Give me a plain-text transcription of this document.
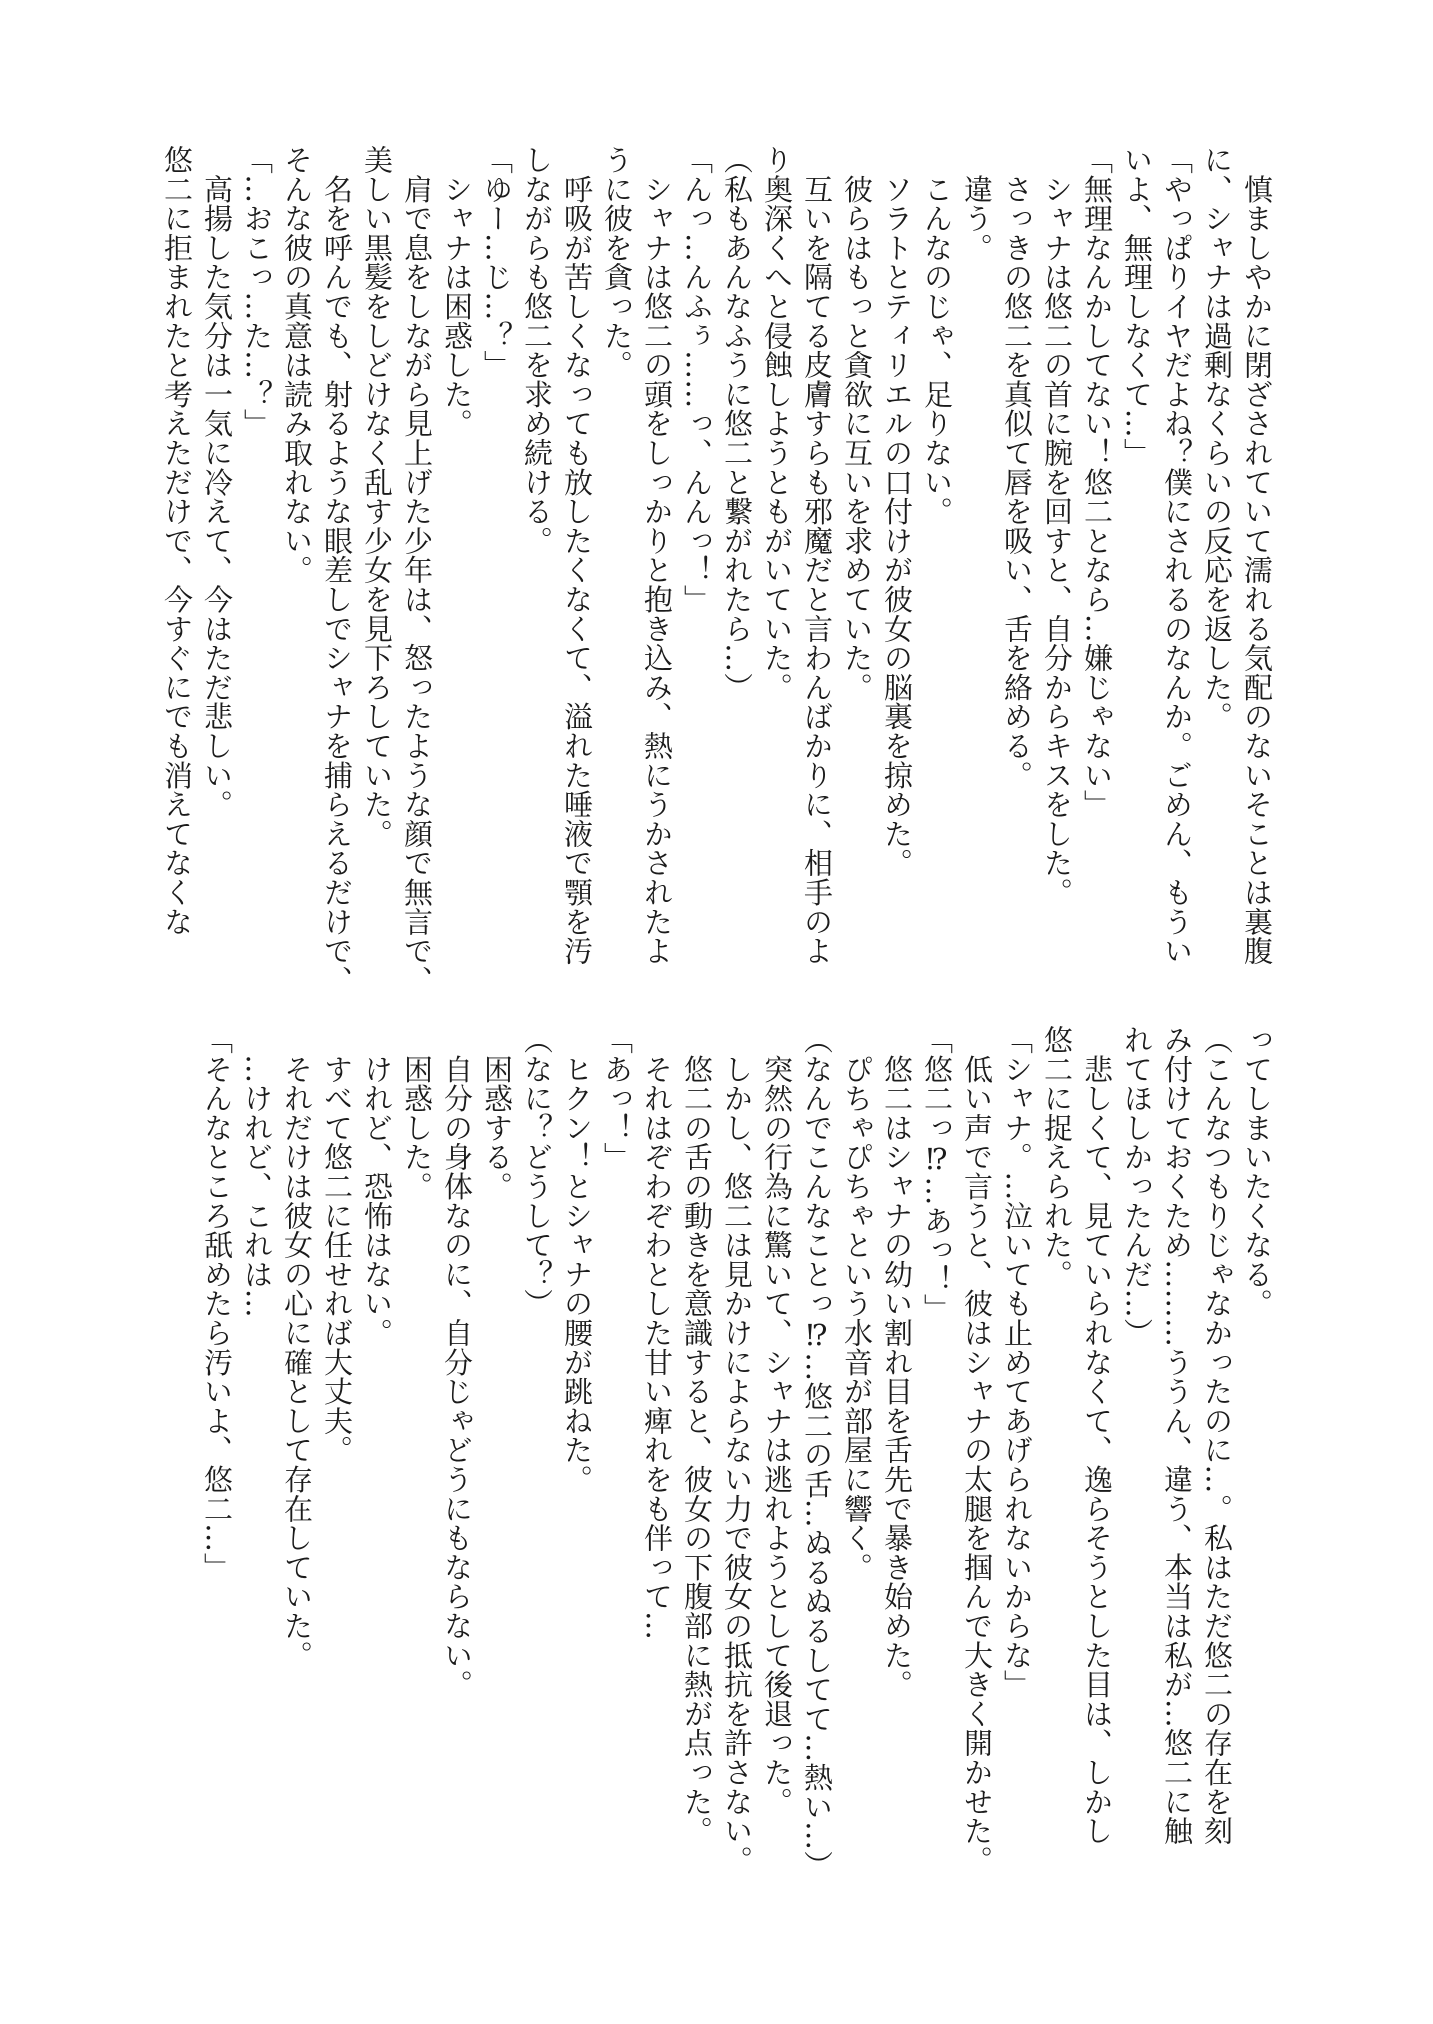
　慎ましやかに閉ざされていて濡れる気配のないそことは裏腹
に、シャナは過剰なくらいの反応を返した。
「やっぱりイヤだよね？僕にされるのなんか。ごめん、もうい
いよ、無理しなくて…」
「無理なんかしてない！悠二となら…嫌じゃない」
　シャナは悠二の首に腕を回すと、自分からキスをした。
　さっきの悠二を真似て唇を吸い、舌を絡める。
　違う。
　こんなのじゃ、足りない。
　ソラトとティリエルの口付けが彼女の脳裏を掠めた。
　彼らはもっと貪欲に互いを求めていた。
　互いを隔てる皮膚すらも邪魔だと言わんばかりに、相手のよ
り奥深くへと侵蝕しようともがいていた。
（私もあんなふうに悠二と繋がれたら…）
「んっ…んふぅ……っ、んんっ！」
　シャナは悠二の頭をしっかりと抱き込み、熱にうかされたよ
うに彼を貪った。
　呼吸が苦しくなっても放したくなくて、溢れた唾液で顎を汚
しながらも悠二を求め続ける。
「ゆー…じ…？」
　シャナは困惑した。
　肩で息をしながら見上げた少年は、怒ったような顔で無言で、
美しい黒髪をしどけなく乱す少女を見下ろしていた。
　名を呼んでも、射るような眼差しでシャナを捕らえるだけで、
そんな彼の真意は読み取れない。
「…おこっ…た…？」
　高揚した気分は一気に冷えて、今はただ悲しい。
悠二に拒まれたと考えただけで、今すぐにでも消えてなくな
ってしまいたくなる。
（こんなつもりじゃなかったのに…。私はただ悠二の存在を刻
み付けておくため………ううん、違う、本当は私が…悠二に触
れてほしかったんだ…）
　悲しくて、見ていられなくて、逸らそうとした目は、しかし
悠二に捉えられた。
「シャナ。…泣いても止めてあげられないからな」
　低い声で言うと、彼はシャナの太腿を掴んで大きく開かせた。
「悠二っ⁉…あっ！」
　悠二はシャナの幼い割れ目を舌先で暴き始めた。
　ぴちゃぴちゃという水音が部屋に響く。
（なんでこんなことっ⁉…悠二の舌…ぬるぬるしてて…熱い…）
　突然の行為に驚いて、シャナは逃れようとして後退った。
　しかし、悠二は見かけによらない力で彼女の抵抗を許さない。
　悠二の舌の動きを意識すると、彼女の下腹部に熱が点った。
　それはぞわぞわとした甘い痺れをも伴って…
「あっ！」
　ヒクン！とシャナの腰が跳ねた。
（なに？どうして？）
　困惑する。
　自分の身体なのに、自分じゃどうにもならない。
　困惑した。
　けれど、恐怖はない。
　すべて悠二に任せれば大丈夫。
　それだけは彼女の心に確として存在していた。
　…けれど、これは…
「そんなところ舐めたら汚いよ、悠二…」
